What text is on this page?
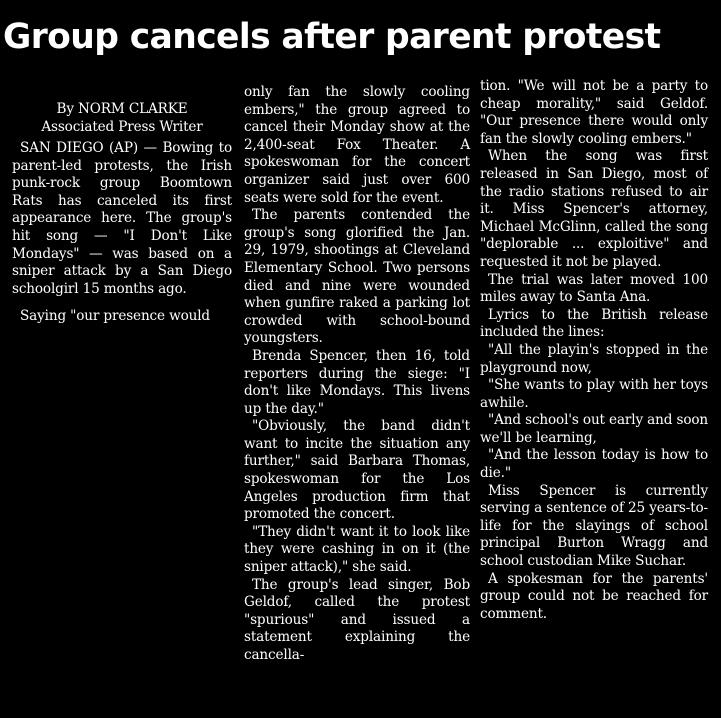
Group cancels after parent protest
By NORM CLARKE
Associated Press Writer

SAN DIEGO (AP) — Bowing to parent-led protests, the Irish punk-rock group Boomtown Rats has canceled its first appearance here. The group's hit song — "I Don't Like Mondays" — was based on a sniper attack by a San Diego schoolgirl 15 months ago.

Saying "our presence would

only fan the slowly cooling embers," the group agreed to cancel their Monday show at the 2,400-seat Fox Theater. A spokeswoman for the concert organizer said just over 600 seats were sold for the event.

The parents contended the group's song glorified the Jan. 29, 1979, shootings at Cleveland Elementary School. Two persons died and nine were wounded when gunfire raked a parking lot crowded with school-bound youngsters.

Brenda Spencer, then 16, told reporters during the siege: "I don't like Mondays. This livens up the day."

"Obviously, the band didn't want to incite the situation any further," said Barbara Thomas, spokeswoman for the Los Angeles production firm that promoted the concert.

"They didn't want it to look like they were cashing in on it (the sniper attack)," she said.

The group's lead singer, Bob Geldof, called the protest "spurious" and issued a statement explaining the cancella-

tion. "We will not be a party to cheap morality," said Geldof. "Our presence there would only fan the slowly cooling embers."

When the song was first released in San Diego, most of the radio stations refused to air it. Miss Spencer's attorney, Michael McGlinn, called the song "deplorable ... exploitive" and requested it not be played.

The trial was later moved 100 miles away to Santa Ana.

Lyrics to the British release included the lines:

"All the playin's stopped in the playground now,

"She wants to play with her toys awhile.

"And school's out early and soon we'll be learning,

"And the lesson today is how to die."

Miss Spencer is currently serving a sentence of 25 years-to-life for the slayings of school principal Burton Wragg and school custodian Mike Suchar.

A spokesman for the parents' group could not be reached for comment.
